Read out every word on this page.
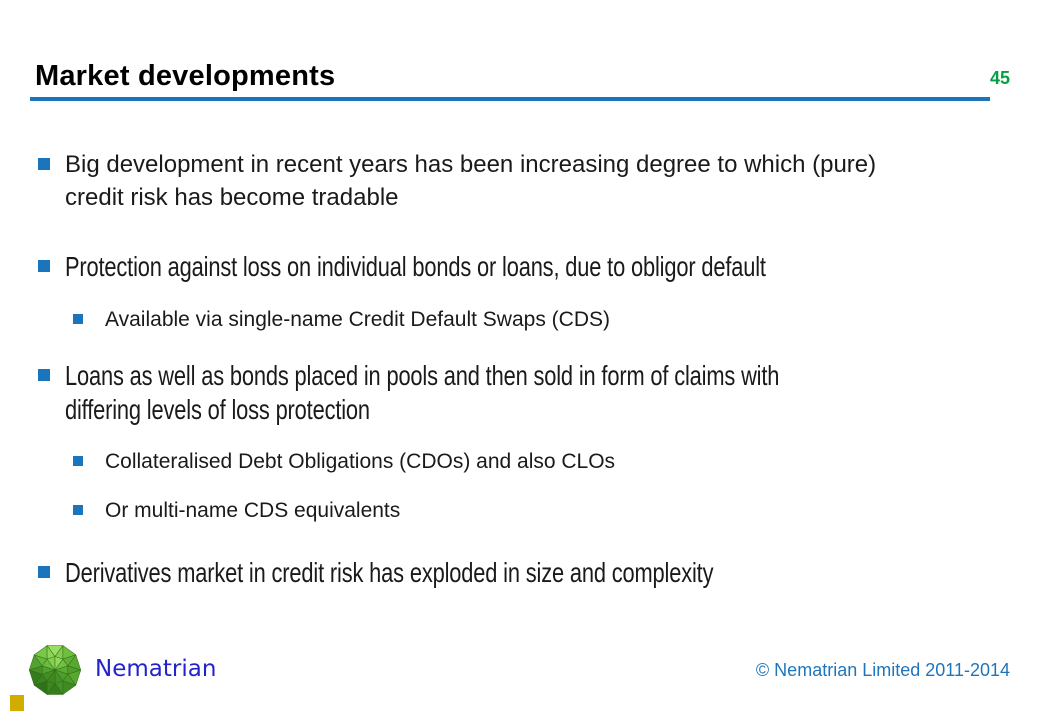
Market developments	45
Big development in recent years has been increasing degree to which (pure)
credit risk has become tradable
Protection against loss on individual bonds or loans, due to obligor default
Available via single-name Credit Default Swaps (CDS)
Loans as well as bonds placed in pools and then sold in form of claims with
differing levels of loss protection
Collateralised Debt Obligations (CDOs) and also CLOs
Or multi-name CDS equivalents
Derivatives market in credit risk has exploded in size and complexity
Nematrian	© Nematrian Limited 2011-2014
